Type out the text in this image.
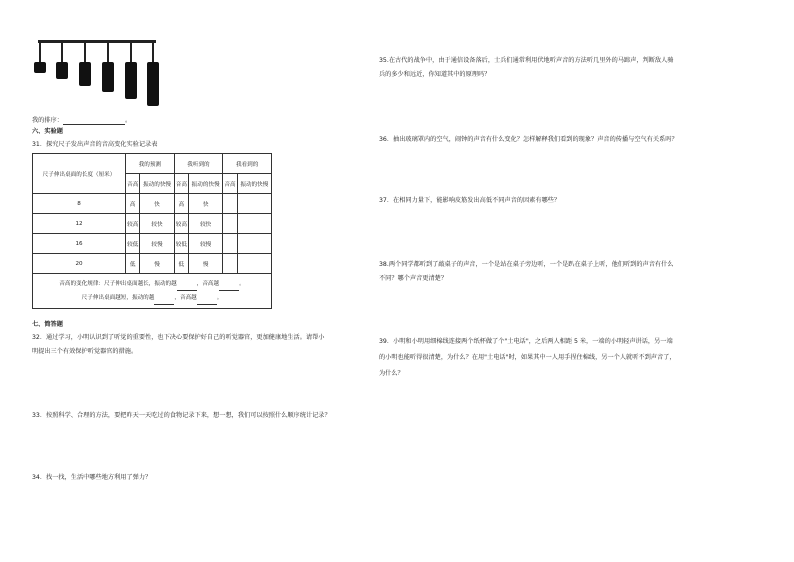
我的排序：	。
六、实验题
31．探究尺子发出声音的音高变化实验记录表
尺子伸出桌面的长度（厘米）	我的预测		我听到的		我看到的	
	音高	振动的快慢	音高	振动的快慢	音高	振动的快慢
8	高	快	高	快		
12	较高	较快	较高	较快		
16	较低	较慢	较低	较慢		
20	低	慢	低	慢		

音高的变化规律：尺子伸出桌面越长，振动的越 ，音高越 。
尺子伸出桌面越短，振动的越 ，音高越 。						
七、简答题
32．通过学习，小明认识到了听觉的重要性，也下决心要保护好自己的听觉器官，更加健康地生活。请帮小
明提出三个有效保护听觉器官的措施。
33．按照科学、合理的方法，要把昨天一天吃过的食物记录下来，想一想，我们可以按照什么顺序统计记录？
34．找一找，生活中哪些地方利用了弹力？
35.在古代的战争中，由于通信设备落后，士兵们通常利用伏地听声音的方法听几里外的马蹄声，判断敌人骑
兵的多少和远近，你知道其中的原理吗？
36．抽出玻璃罩内的空气，闹钟的声音有什么变化？怎样解释我们看到的现象？声音的传播与空气有关系吗？
37．在相同力量下，能影响皮筋发出高低不同声音的因素有哪些？
38.两个同学都听到了敲桌子的声音，一个是站在桌子旁边听，一个是趴在桌子上听，他们听到的声音有什么
不同？哪个声音更清楚？
39．小明和小明用细棉线连接两个纸杯做了个"土电话"，之后两人相距 5 米，一端的小明轻声讲话，另一端
的小明也能听得很清楚，为什么？在用"土电话"时，如果其中一人用手捏住棉线，另一个人就听不到声音了，
为什么？
